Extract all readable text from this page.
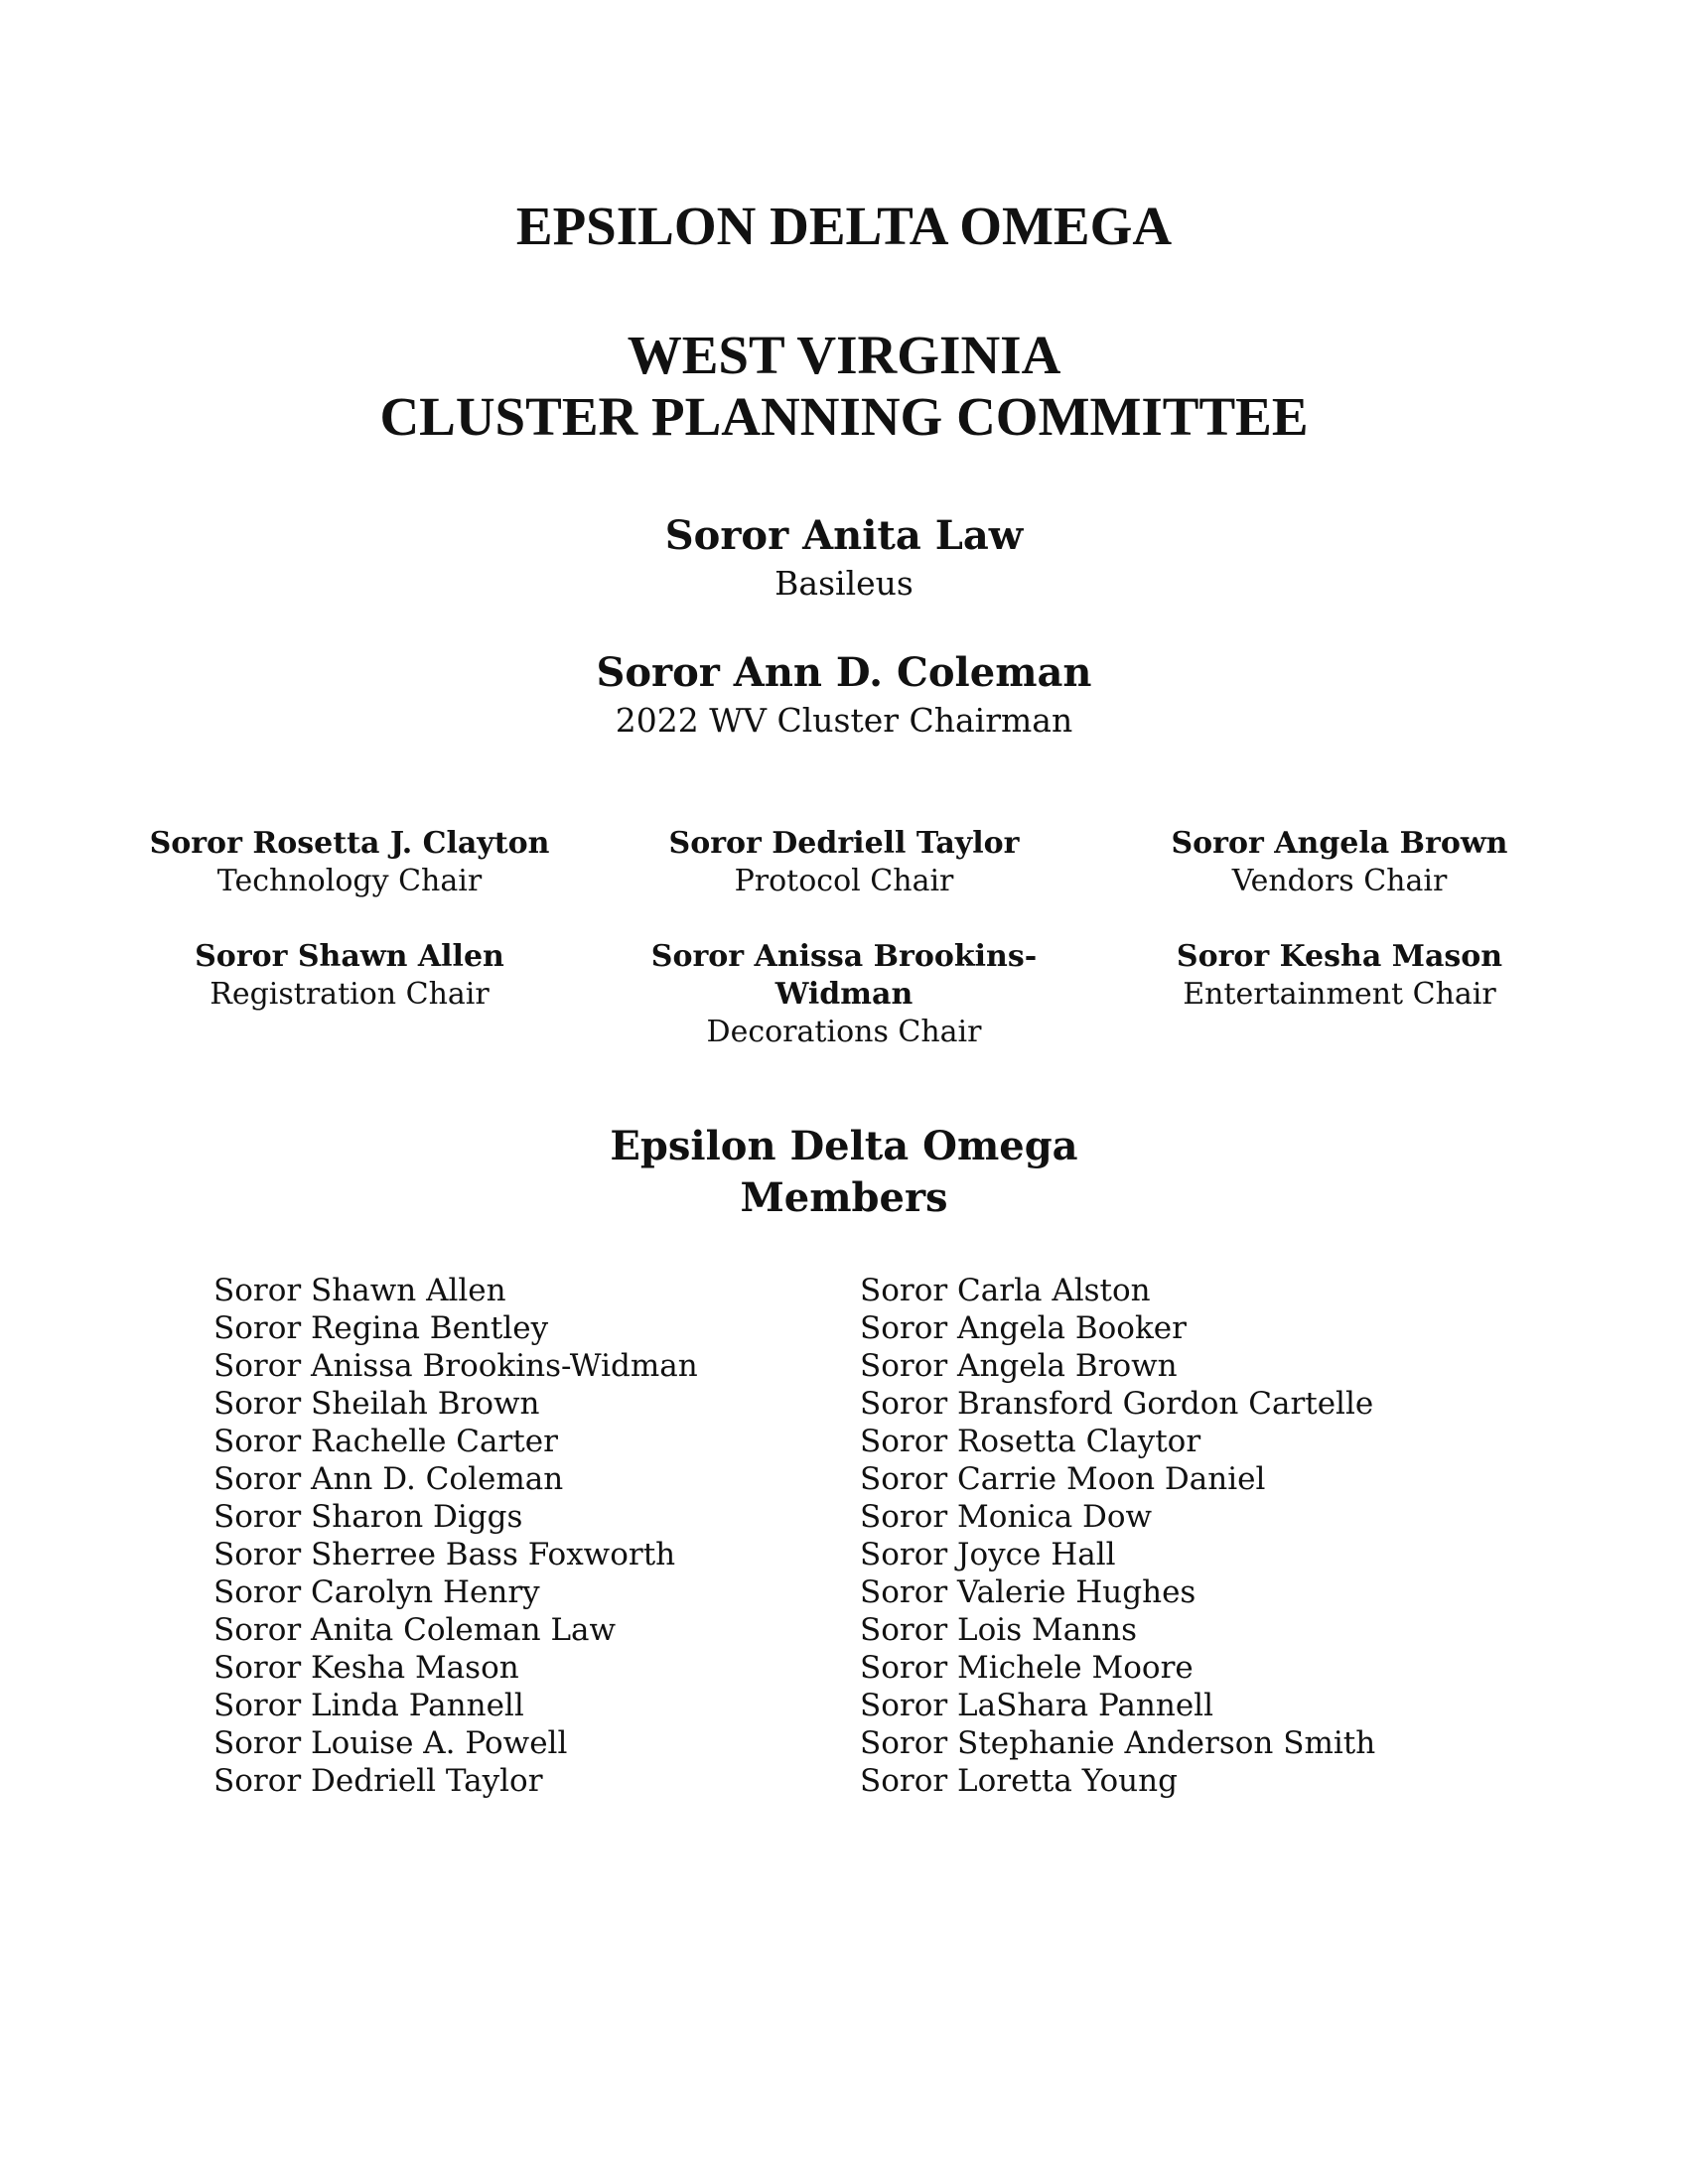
EPSILON DELTA OMEGA
WEST VIRGINIA
CLUSTER PLANNING COMMITTEE
Soror Anita Law
Basileus
Soror Ann D. Coleman
2022 WV Cluster Chairman
Soror Rosetta J. Clayton
Technology Chair
Soror Dedriell Taylor
Protocol Chair
Soror Angela Brown
Vendors Chair
Soror Shawn Allen
Registration Chair
Soror Anissa Brookins-
Widman
Decorations Chair
Soror Kesha Mason
Entertainment Chair
Epsilon Delta Omega
Members
Soror Shawn Allen
Soror Regina Bentley
Soror Anissa Brookins-Widman
Soror Sheilah Brown
Soror Rachelle Carter
Soror Ann D. Coleman
Soror Sharon Diggs
Soror Sherree Bass Foxworth
Soror Carolyn Henry
Soror Anita Coleman Law
Soror Kesha Mason
Soror Linda Pannell
Soror Louise A. Powell
Soror Dedriell Taylor
Soror Carla Alston
Soror Angela Booker
Soror Angela Brown
Soror Bransford Gordon Cartelle
Soror Rosetta Claytor
Soror Carrie Moon Daniel
Soror Monica Dow
Soror Joyce Hall
Soror Valerie Hughes
Soror Lois Manns
Soror Michele Moore
Soror LaShara Pannell
Soror Stephanie Anderson Smith
Soror Loretta Young
